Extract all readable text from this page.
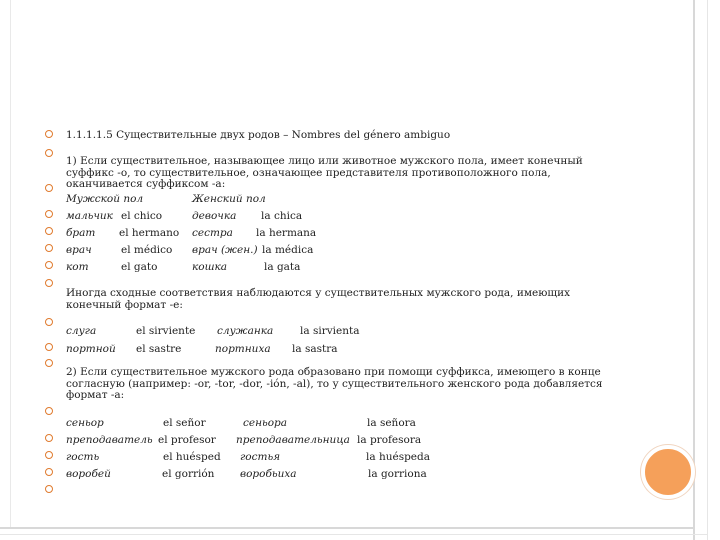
1.1.1.1.5 Существительные двух родов – Nombres del género ambiguo
1) Если существительное, называющее лицо или животное мужского пола, имеет конечный суффикс -o, то существительное, означающее представителя противоположного пола, оканчивается суффиксом -a:
Мужской пол	Женский пол
мальчик el chico	девочка la chica
брат el hermano сестра la hermana
врач	el médico врач (жен.) la médica
кот	el gato	кошка	la gata
Иногда сходные соответствия наблюдаются у существительных мужского рода, имеющих конечный формат -e:
слуга	el sirviente служанка	la sirvienta
портной el sastre	портниха la sastra
2) Если существительное мужского рода образовано при помощи суффикса, имеющего в конце согласную (например: -or, -tor, -dor, -ión, -al), то у существительного женского рода добавляется формат -a:
сеньор	el señor	сеньора	la señora
преподаватель el profesor преподавательница la profesora
гость	el huésped гостья	la huéspeda
воробей	el gorrión воробьиха	la gorriona
